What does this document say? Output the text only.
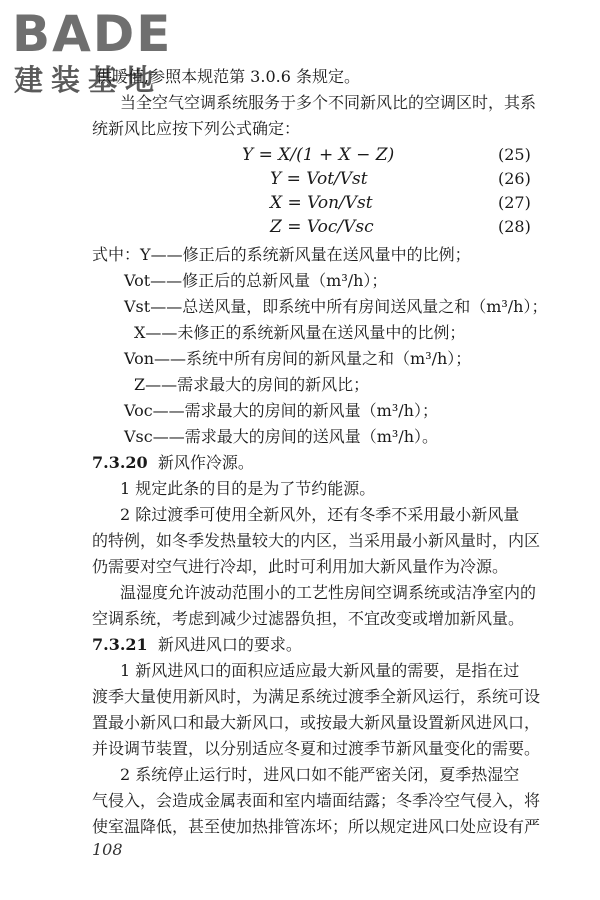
BADE
建装基地
供暖值,参照本规范第 3.0.6 条规定。
当全空气空调系统服务于多个不同新风比的空调区时，其系
统新风比应按下列公式确定：
Y = X/(1 + X − Z)	(25)
Y = Vot/Vst	(26)
X = Von/Vst	(27)
Z = Voc/Vsc	(28)
式中：Y——修正后的系统新风量在送风量中的比例；
Vot——修正后的总新风量（m³/h）；
Vst——总送风量，即系统中所有房间送风量之和（m³/h）；
X——未修正的系统新风量在送风量中的比例；
Von——系统中所有房间的新风量之和（m³/h）；
Z——需求最大的房间的新风比；
Voc——需求最大的房间的新风量（m³/h）；
Vsc——需求最大的房间的送风量（m³/h）。
7.3.20 新风作冷源。
1 规定此条的目的是为了节约能源。
2 除过渡季可使用全新风外，还有冬季不采用最小新风量
的特例，如冬季发热量较大的内区，当采用最小新风量时，内区
仍需要对空气进行冷却，此时可利用加大新风量作为冷源。
温湿度允许波动范围小的工艺性房间空调系统或洁净室内的
空调系统，考虑到减少过滤器负担，不宜改变或增加新风量。
7.3.21 新风进风口的要求。
1 新风进风口的面积应适应最大新风量的需要，是指在过
渡季大量使用新风时，为满足系统过渡季全新风运行，系统可设
置最小新风口和最大新风口，或按最大新风量设置新风进风口，
并设调节装置，以分别适应冬夏和过渡季节新风量变化的需要。
2 系统停止运行时，进风口如不能严密关闭，夏季热湿空
气侵入，会造成金属表面和室内墙面结露；冬季冷空气侵入，将
使室温降低，甚至使加热排管冻坏；所以规定进风口处应设有严
108
